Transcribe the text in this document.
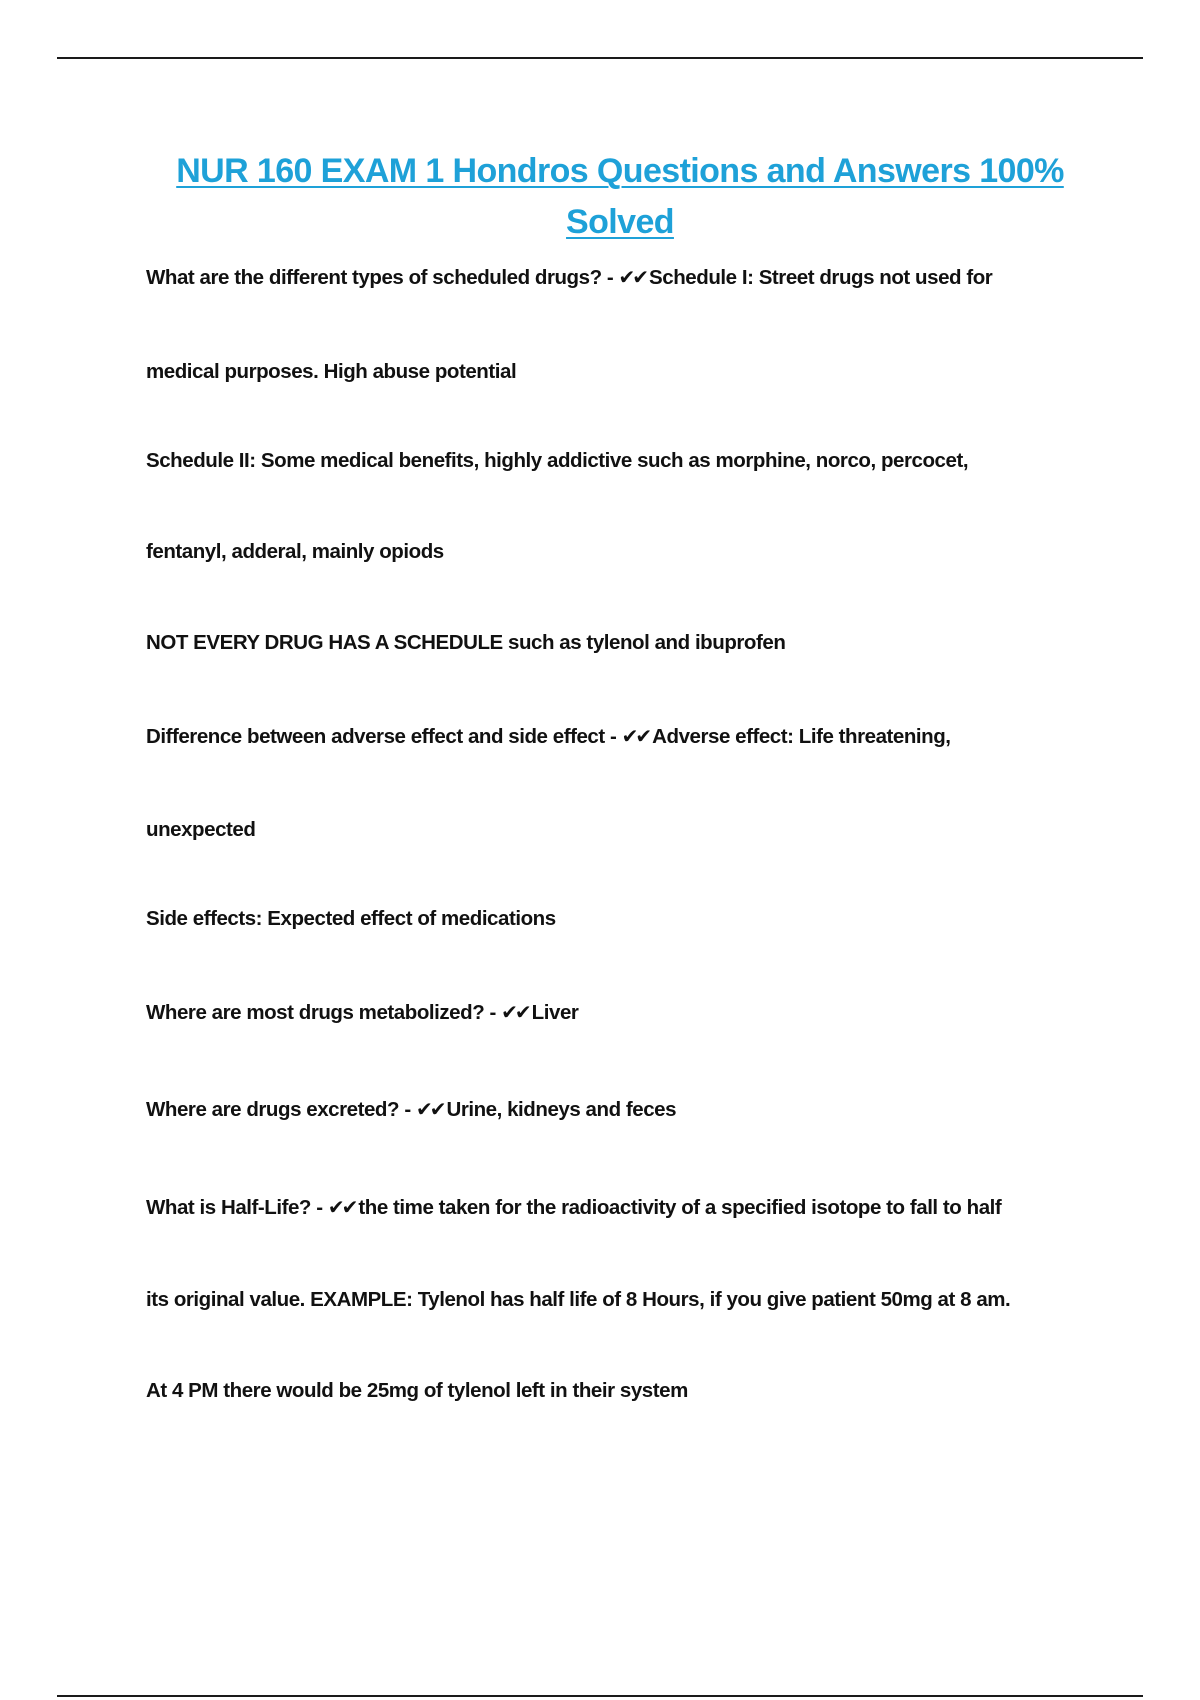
NUR 160 EXAM 1 Hondros Questions and Answers 100%
Solved
What are the different types of scheduled drugs? - ✔✔ Schedule I: Street drugs not used for
medical purposes. High abuse potential
Schedule II: Some medical benefits, highly addictive such as morphine, norco, percocet,
fentanyl, adderal, mainly opiods
NOT EVERY DRUG HAS A SCHEDULE such as tylenol and ibuprofen
Difference between adverse effect and side effect - ✔✔ Adverse effect: Life threatening,
unexpected
Side effects: Expected effect of medications
Where are most drugs metabolized? - ✔✔ Liver
Where are drugs excreted? - ✔✔ Urine, kidneys and feces
What is Half-Life? - ✔✔ the time taken for the radioactivity of a specified isotope to fall to half
its original value. EXAMPLE: Tylenol has half life of 8 Hours, if you give patient 50mg at 8 am.
At 4 PM there would be 25mg of tylenol left in their system
